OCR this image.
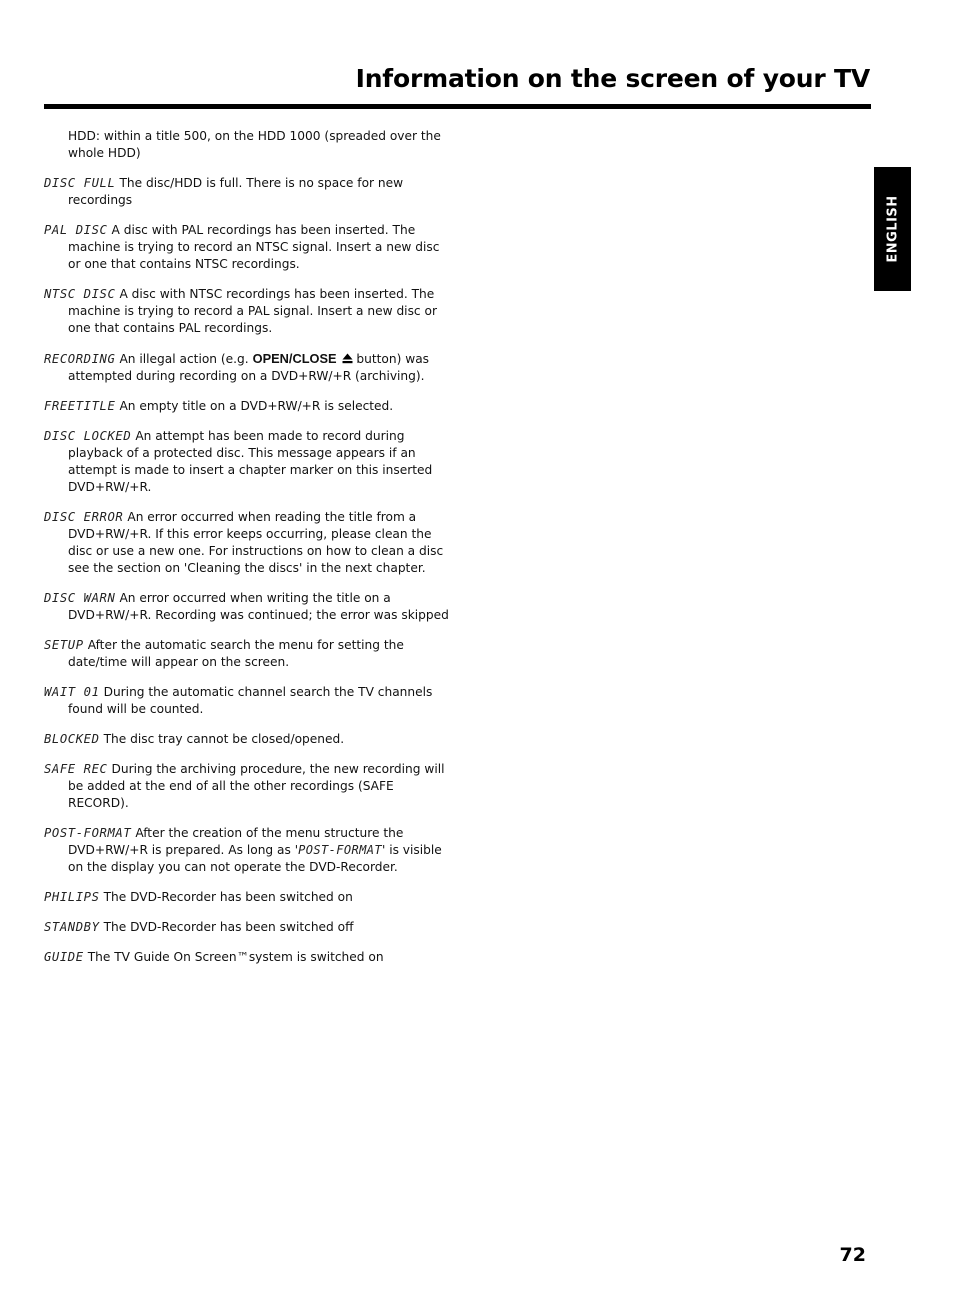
Information on the screen of your TV
ENGLISH

HDD: within a title 500, on the HDD 1000 (spreaded over the whole HDD)

DISC FULL The disc/HDD is full. There is no space for new recordings

PAL DISC A disc with PAL recordings has been inserted. The machine is trying to record an NTSC signal. Insert a new disc or one that contains NTSC recordings.

NTSC DISC A disc with NTSC recordings has been inserted. The machine is trying to record a PAL signal. Insert a new disc or one that contains PAL recordings.

RECORDING An illegal action (e.g. OPEN/CLOSE button) was attempted during recording on a DVD+RW/+R (archiving).

FREETITLE An empty title on a DVD+RW/+R is selected.

DISC LOCKED An attempt has been made to record during playback of a protected disc. This message appears if an attempt is made to insert a chapter marker on this inserted DVD+RW/+R.

DISC ERROR An error occurred when reading the title from a DVD+RW/+R. If this error keeps occurring, please clean the disc or use a new one. For instructions on how to clean a disc see the section on 'Cleaning the discs' in the next chapter.

DISC WARN An error occurred when writing the title on a DVD+RW/+R. Recording was continued; the error was skipped

SETUP After the automatic search the menu for setting the date/time will appear on the screen.

WAIT 01 During the automatic channel search the TV channels found will be counted.

BLOCKED The disc tray cannot be closed/opened.

SAFE REC During the archiving procedure, the new recording will be added at the end of all the other recordings (SAFE RECORD).

POST-FORMAT After the creation of the menu structure the DVD+RW/+R is prepared. As long as 'POST-FORMAT' is visible on the display you can not operate the DVD-Recorder.

PHILIPS The DVD-Recorder has been switched on

STANDBY The DVD-Recorder has been switched off

GUIDE The TV Guide On Screen™system is switched on

72
